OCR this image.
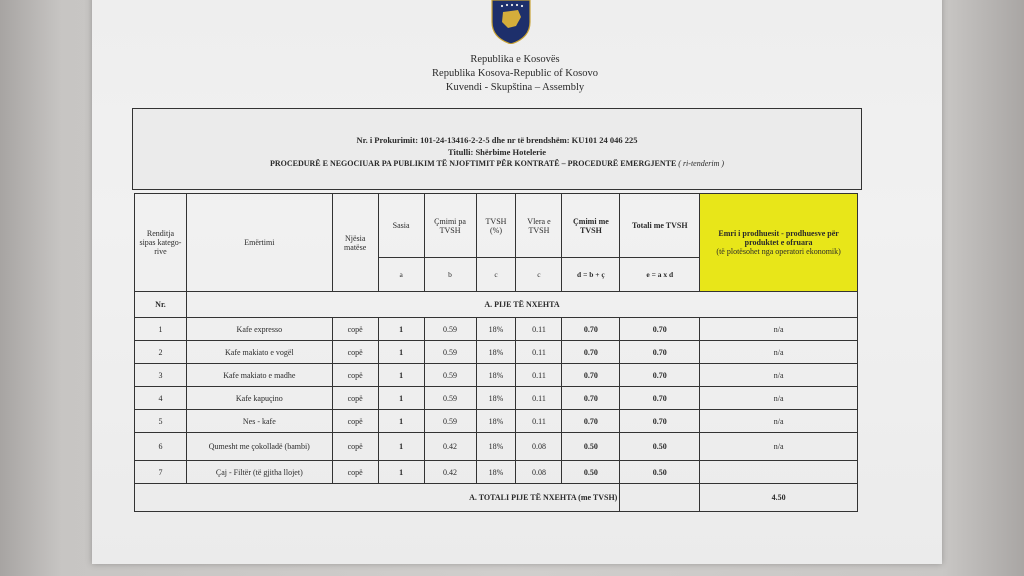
Republika e Kosovës
Republika Kosova-Republic of Kosovo
Kuvendi - Skupština – Assembly
Nr. i Prokurimit: 101-24-13416-2-2-5 dhe nr të brendshëm: KU101 24 046 225
Titulli: Shërbime Hotelerie
PROCEDURË E NEGOCIUAR PA PUBLIKIM TË NJOFTIMIT PËR KONTRATË – PROCEDURË EMERGJENTE ( ri-tenderim )
Renditja sipas katego-rive	Emërtimi	Njësia matëse	Sasia	Çmimi pa TVSH	TVSH (%)	Vlera e TVSH	Çmimi me TVSH	Totali me TVSH	Emri i prodhuesit - prodhuesve për produktet e ofruara
(të plotësohet nga operatori ekonomik)

			a	b	c	c	d = b + ç	e = a x d	
Nr.	A. PIJE TË NXEHTA								
1	Kafe expresso	copë	1	0.59	18%	0.11	0.70	0.70	n/a
2	Kafe makiato e vogël	copë	1	0.59	18%	0.11	0.70	0.70	n/a
3	Kafe makiato e madhe	copë	1	0.59	18%	0.11	0.70	0.70	n/a
4	Kafe kapuçino	copë	1	0.59	18%	0.11	0.70	0.70	n/a
5	Nes - kafe	copë	1	0.59	18%	0.11	0.70	0.70	n/a
6	Qumesht me çokolladë (bambi)	copë	1	0.42	18%	0.08	0.50	0.50	n/a
7	Çaj - Filtër (të gjitha llojet)	copë	1	0.42	18%	0.08	0.50	0.50	
A. TOTALI PIJE TË NXEHTA (me TVSH)									4.50
